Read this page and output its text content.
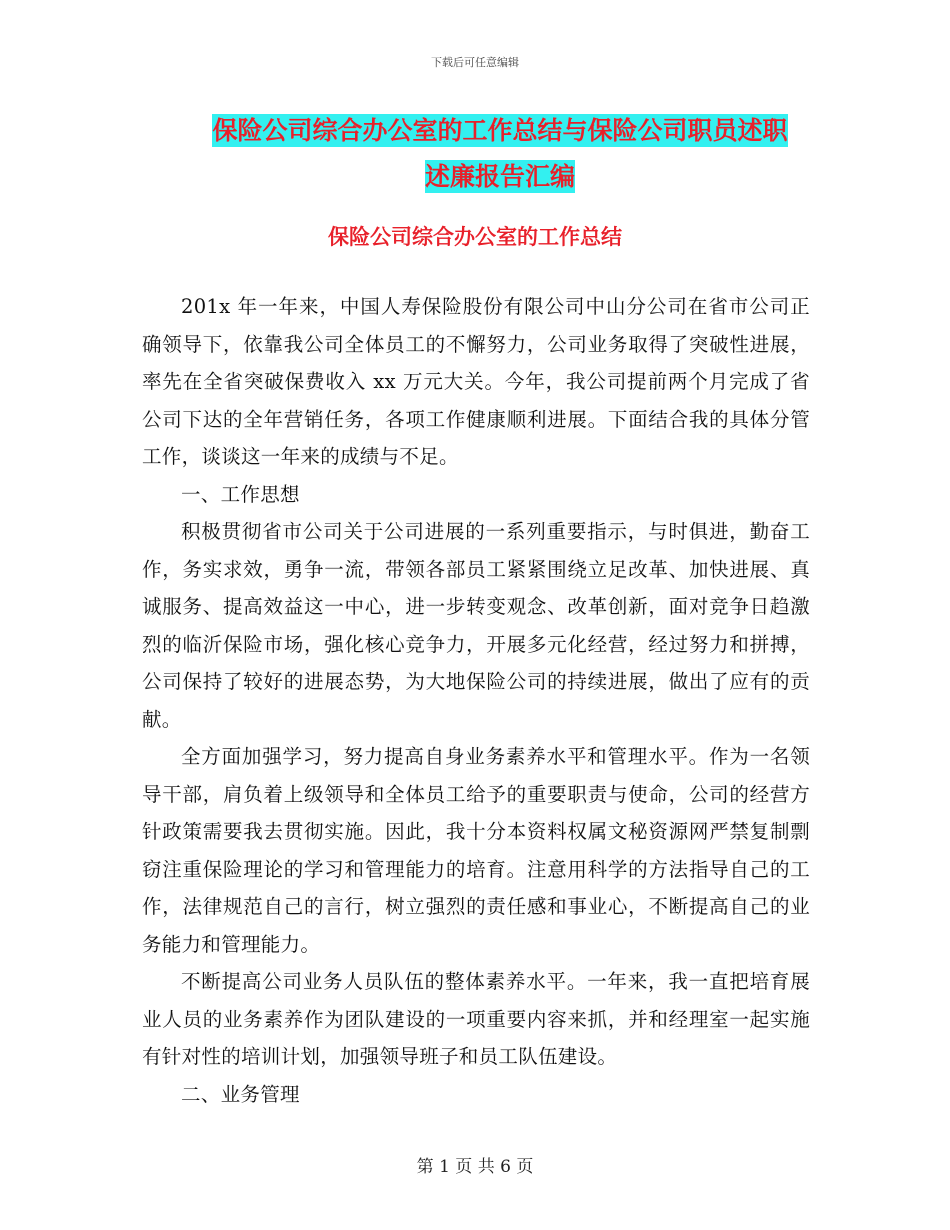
下载后可任意编辑
保险公司综合办公室的工作总结与保险公司职员述职
述廉报告汇编
保险公司综合办公室的工作总结

201x 年一年来，中国人寿保险股份有限公司中山分公司在省市公司正确领导下，依靠我公司全体员工的不懈努力，公司业务取得了突破性进展，率先在全省突破保费收入 xx 万元大关。今年，我公司提前两个月完成了省公司下达的全年营销任务，各项工作健康顺利进展。下面结合我的具体分管工作，谈谈这一年来的成绩与不足。

一、工作思想

积极贯彻省市公司关于公司进展的一系列重要指示，与时俱进，勤奋工作，务实求效，勇争一流，带领各部员工紧紧围绕立足改革、加快进展、真诚服务、提高效益这一中心，进一步转变观念、改革创新，面对竞争日趋激烈的临沂保险市场，强化核心竞争力，开展多元化经营，经过努力和拼搏，公司保持了较好的进展态势，为大地保险公司的持续进展，做出了应有的贡献。

全方面加强学习，努力提高自身业务素养水平和管理水平。作为一名领导干部，肩负着上级领导和全体员工给予的重要职责与使命，公司的经营方针政策需要我去贯彻实施。因此，我十分本资料权属文秘资源网严禁复制剽窃注重保险理论的学习和管理能力的培育。注意用科学的方法指导自己的工作，法律规范自己的言行，树立强烈的责任感和事业心，不断提高自己的业务能力和管理能力。

不断提高公司业务人员队伍的整体素养水平。一年来，我一直把培育展业人员的业务素养作为团队建设的一项重要内容来抓，并和经理室一起实施有针对性的培训计划，加强领导班子和员工队伍建设。

二、业务管理

第 1 页 共 6 页
